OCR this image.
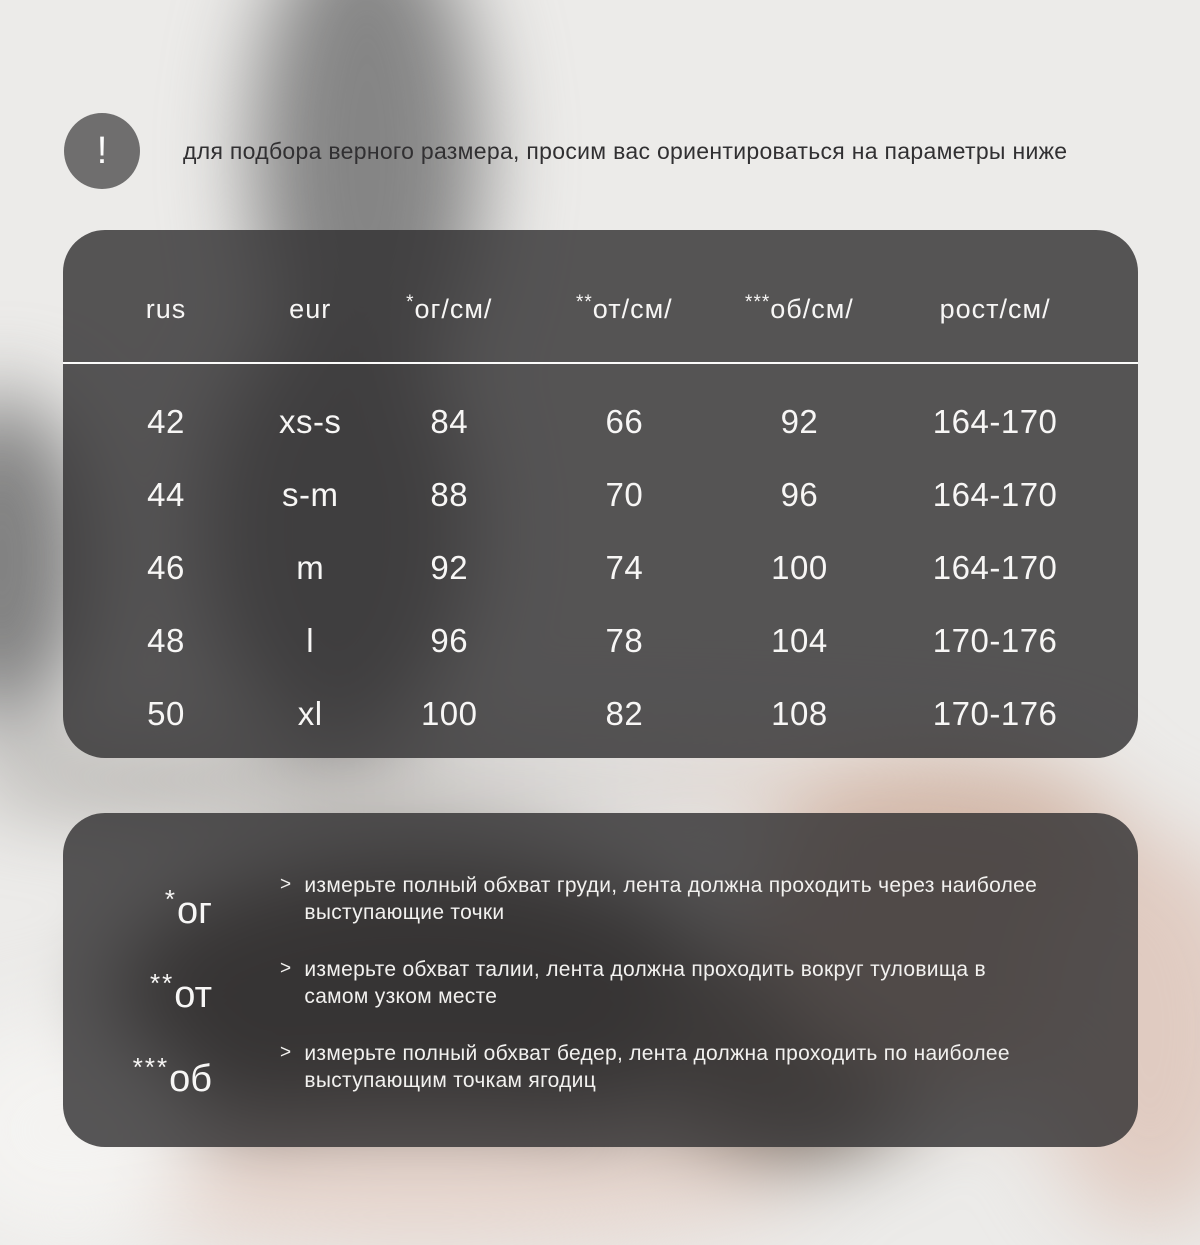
!	для подбора верного размера, просим вас ориентироваться на параметры ниже
rus	eur	*ог/см/	**от/см/	***об/см/	рост/см/
42	xs-s	84	66	92	164-170
44	s-m	88	70	96	164-170
46	m	92	74	100	164-170
48	l	96	78	104	170-176
50	xl	100	82	108	170-176
*ог
> измерьте полный обхват груди, лента должна проходить через наиболее
выступающие точки
**от
> измерьте обхват талии, лента должна проходить вокруг туловища в
самом узком месте
***об
> измерьте полный обхват бедер, лента должна проходить по наиболее
выступающим точкам ягодиц
